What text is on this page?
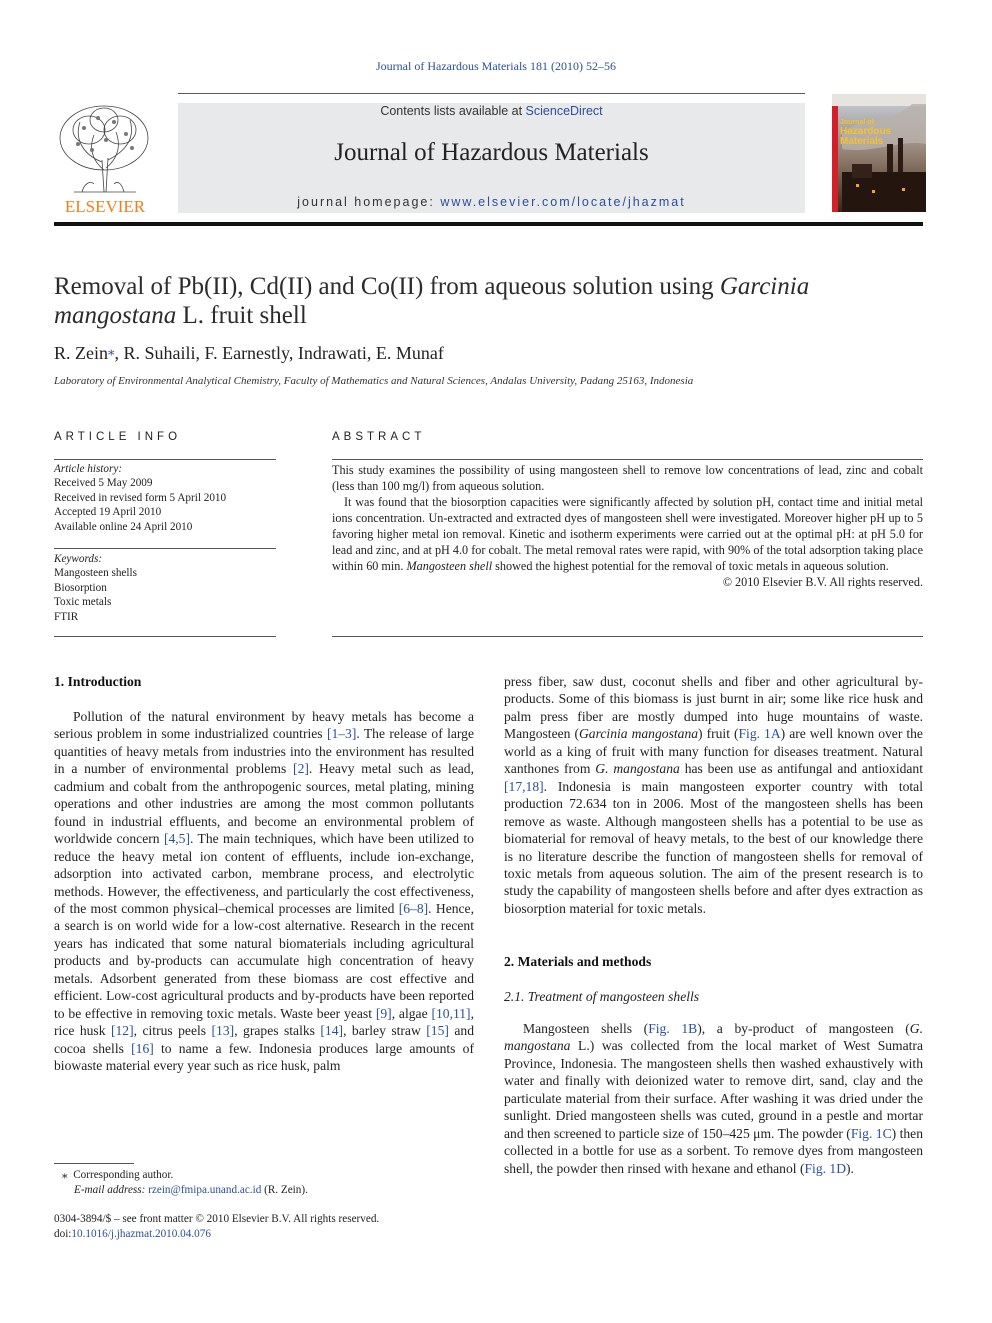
Journal of Hazardous Materials 181 (2010) 52–56
ELSEVIER
Contents lists available at ScienceDirect
Journal of Hazardous Materials
journal homepage: www.elsevier.com/locate/jhazmat
Journal of
Hazardous
Materials
Removal of Pb(II), Cd(II) and Co(II) from aqueous solution using Garcinia
mangostana L. fruit shell
R. Zein⁎, R. Suhaili, F. Earnestly, Indrawati, E. Munaf
Laboratory of Environmental Analytical Chemistry, Faculty of Mathematics and Natural Sciences, Andalas University, Padang 25163, Indonesia
ARTICLE INFO
Article history:
Received 5 May 2009
Received in revised form 5 April 2010
Accepted 19 April 2010
Available online 24 April 2010
Keywords:
Mangosteen shells
Biosorption
Toxic metals
FTIR
ABSTRACT

This study examines the possibility of using mangosteen shell to remove low concentrations of lead, zinc and cobalt (less than 100 mg/l) from aqueous solution.

It was found that the biosorption capacities were significantly affected by solution pH, contact time and initial metal ions concentration. Un-extracted and extracted dyes of mangosteen shell were investigated. Moreover higher pH up to 5 favoring higher metal ion removal. Kinetic and isotherm experiments were carried out at the optimal pH: at pH 5.0 for lead and zinc, and at pH 4.0 for cobalt. The metal removal rates were rapid, with 90% of the total adsorption taking place within 60 min. Mangosteen shell showed the highest potential for the removal of toxic metals in aqueous solution.

© 2010 Elsevier B.V. All rights reserved.

1. Introduction

Pollution of the natural environment by heavy metals has become a serious problem in some industrialized countries [1–3]. The release of large quantities of heavy metals from industries into the environment has resulted in a number of environmental problems [2]. Heavy metal such as lead, cadmium and cobalt from the anthropogenic sources, metal plating, mining operations and other industries are among the most common pollutants found in industrial effluents, and become an environmental problem of worldwide concern [4,5]. The main techniques, which have been utilized to reduce the heavy metal ion content of effluents, include ion-exchange, adsorption into activated carbon, membrane process, and electrolytic methods. However, the effectiveness, and particularly the cost effectiveness, of the most common physical–chemical processes are limited [6–8]. Hence, a search is on world wide for a low-cost alternative. Research in the recent years has indicated that some natural biomaterials including agricultural products and by-products can accumulate high concentration of heavy metals. Adsorbent generated from these biomass are cost effective and efficient. Low-cost agricultural products and by-products have been reported to be effective in removing toxic metals. Waste beer yeast [9], algae [10,11], rice husk [12], citrus peels [13], grapes stalks [14], barley straw [15] and cocoa shells [16] to name a few. Indonesia produces large amounts of biowaste material every year such as rice husk, palm

press fiber, saw dust, coconut shells and fiber and other agricultural by-products. Some of this biomass is just burnt in air; some like rice husk and palm press fiber are mostly dumped into huge mountains of waste. Mangosteen (Garcinia mangostana) fruit (Fig. 1A) are well known over the world as a king of fruit with many function for diseases treatment. Natural xanthones from G. mangostana has been use as antifungal and antioxidant [17,18]. Indonesia is main mangosteen exporter country with total production 72.634 ton in 2006. Most of the mangosteen shells has been remove as waste. Although mangosteen shells has a potential to be use as biomaterial for removal of heavy metals, to the best of our knowledge there is no literature describe the function of mangosteen shells for removal of toxic metals from aqueous solution. The aim of the present research is to study the capability of mangosteen shells before and after dyes extraction as biosorption material for toxic metals.

2. Materials and methods
2.1. Treatment of mangosteen shells

Mangosteen shells (Fig. 1B), a by-product of mangosteen (G. mangostana L.) was collected from the local market of West Sumatra Province, Indonesia. The mangosteen shells then washed exhaustively with water and finally with deionized water to remove dirt, sand, clay and the particulate material from their surface. After washing it was dried under the sunlight. Dried mangosteen shells was cuted, ground in a pestle and mortar and then screened to particle size of 150–425 μm. The powder (Fig. 1C) then collected in a bottle for use as a sorbent. To remove dyes from mangosteen shell, the powder then rinsed with hexane and ethanol (Fig. 1D).

⁎ Corresponding author.
E-mail address: rzein@fmipa.unand.ac.id (R. Zein).
0304-3894/$ – see front matter © 2010 Elsevier B.V. All rights reserved.
doi:10.1016/j.jhazmat.2010.04.076
